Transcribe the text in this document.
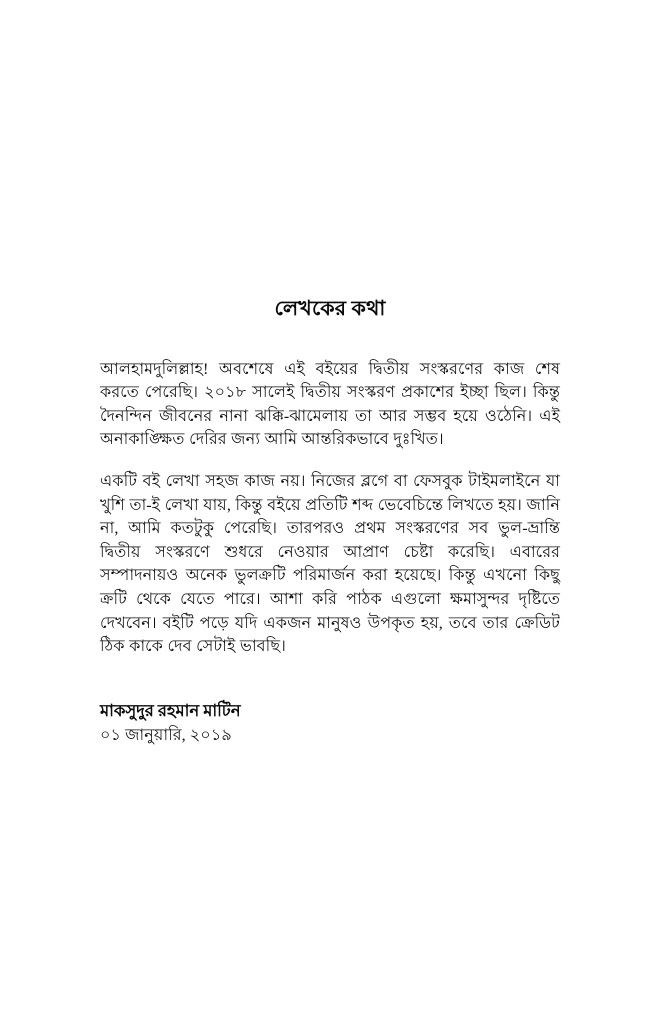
লেখকের কথা

আলহামদুলিল্লাহ! অবশেষে এই বইয়ের দ্বিতীয় সংস্করণের কাজ শেষ করতে পেরেছি। ২০১৮ সালেই দ্বিতীয় সংস্করণ প্রকাশের ইচ্ছা ছিল। কিন্তু দৈনন্দিন জীবনের নানা ঝক্কি-ঝামেলায় তা আর সম্ভব হয়ে ওঠেনি। এই অনাকাঙ্ক্ষিত দেরির জন্য আমি আন্তরিকভাবে দুঃখিত।

একটি বই লেখা সহজ কাজ নয়। নিজের ব্লগে বা ফেসবুক টাইমলাইনে যা খুশি তা-ই লেখা যায়, কিন্তু বইয়ে প্রতিটি শব্দ ভেবেচিন্তে লিখতে হয়। জানি না, আমি কতটুকু পেরেছি। তারপরও প্রথম সংস্করণের সব ভুল-ভ্রান্তি দ্বিতীয় সংস্করণে শুধরে নেওয়ার আপ্রাণ চেষ্টা করেছি। এবারের সম্পাদনায়ও অনেক ভুলক্রটি পরিমার্জন করা হয়েছে। কিন্তু এখনো কিছু ক্রটি থেকে যেতে পারে। আশা করি পাঠক এগুলো ক্ষমাসুন্দর দৃষ্টিতে দেখবেন। বইটি পড়ে যদি একজন মানুষও উপকৃত হয়, তবে তার ক্রেডিট ঠিক কাকে দেব সেটাই ভাবছি।

মাকসুদুর রহমান মাটিন

০১ জানুয়ারি, ২০১৯
